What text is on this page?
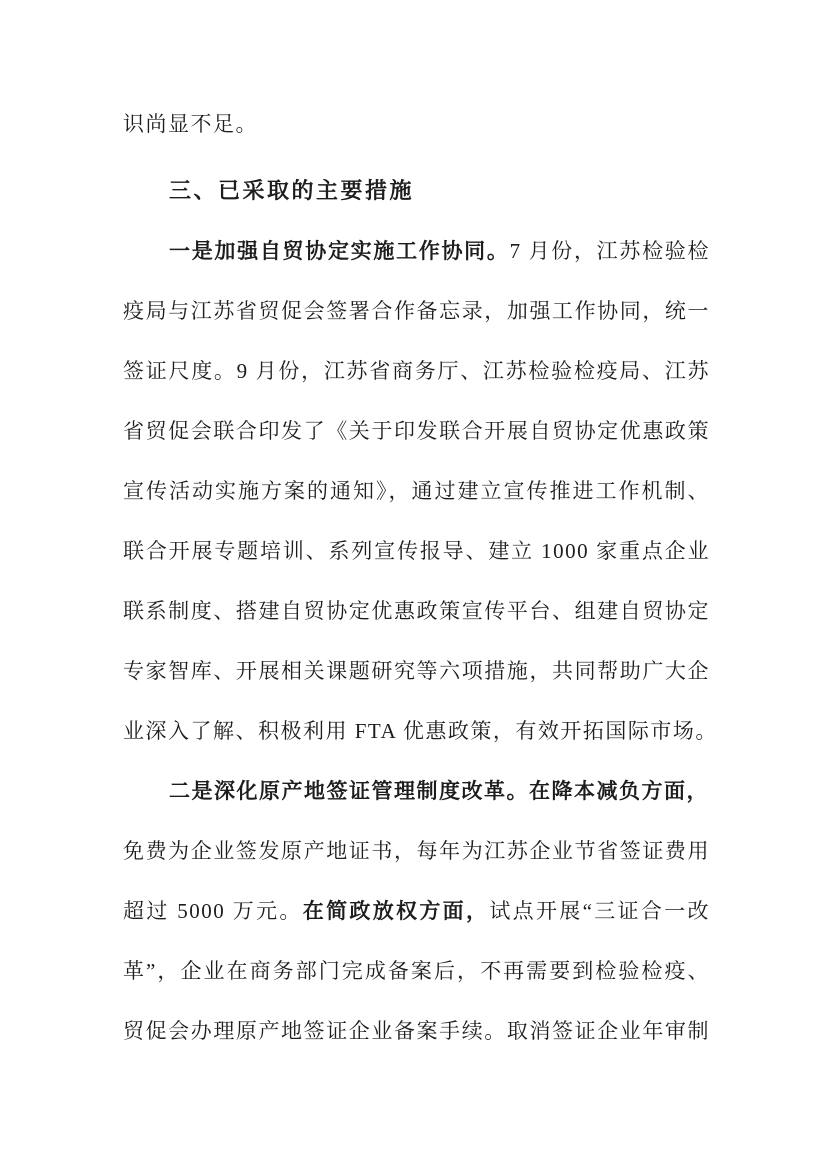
识尚显不足。
三、已采取的主要措施
一是加强自贸协定实施工作协同。7 月份，江苏检验检
疫局与江苏省贸促会签署合作备忘录，加强工作协同，统一
签证尺度。9 月份，江苏省商务厅、江苏检验检疫局、江苏
省贸促会联合印发了《关于印发联合开展自贸协定优惠政策
宣传活动实施方案的通知》，通过建立宣传推进工作机制、
联合开展专题培训、系列宣传报导、建立 1000 家重点企业
联系制度、搭建自贸协定优惠政策宣传平台、组建自贸协定
专家智库、开展相关课题研究等六项措施，共同帮助广大企
业深入了解、积极利用 FTA 优惠政策，有效开拓国际市场。
二是深化原产地签证管理制度改革。在降本减负方面，
免费为企业签发原产地证书，每年为江苏企业节省签证费用
超过 5000 万元。在简政放权方面，试点开展“三证合一改
革”，企业在商务部门完成备案后，不再需要到检验检疫、
贸促会办理原产地签证企业备案手续。取消签证企业年审制
